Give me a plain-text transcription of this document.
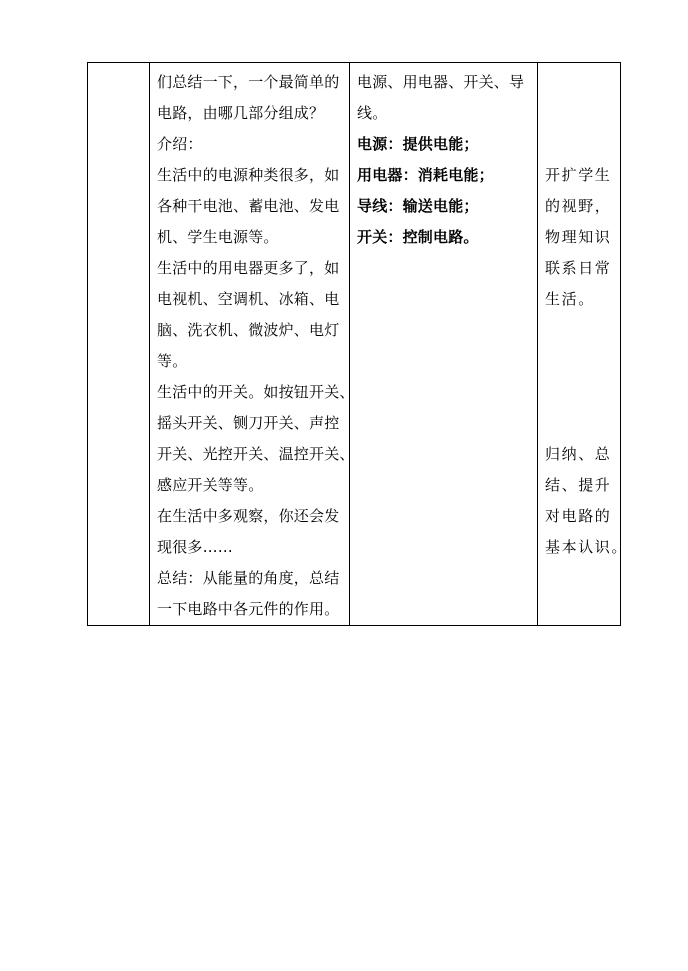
们总结一下，一个最简单的
电路，由哪几部分组成？
介绍：
生活中的电源种类很多，如
各种干电池、蓄电池、发电
机、学生电源等。
生活中的用电器更多了，如
电视机、空调机、冰箱、电
脑、洗衣机、微波炉、电灯
等。
生活中的开关。如按钮开关、
摇头开关、铡刀开关、声控
开关、光控开关、温控开关、
感应开关等等。
在生活中多观察，你还会发
现很多……
总结：从能量的角度，总结
一下电路中各元件的作用。

电源、用电器、开关、导
线。
电源：提供电能；
用电器：消耗电能；
导线：输送电能；
开关：控制电路。

开扩学生
的视野，
物理知识
联系日常
生活。
归纳、总
结、提升
对电路的
基本认识。
